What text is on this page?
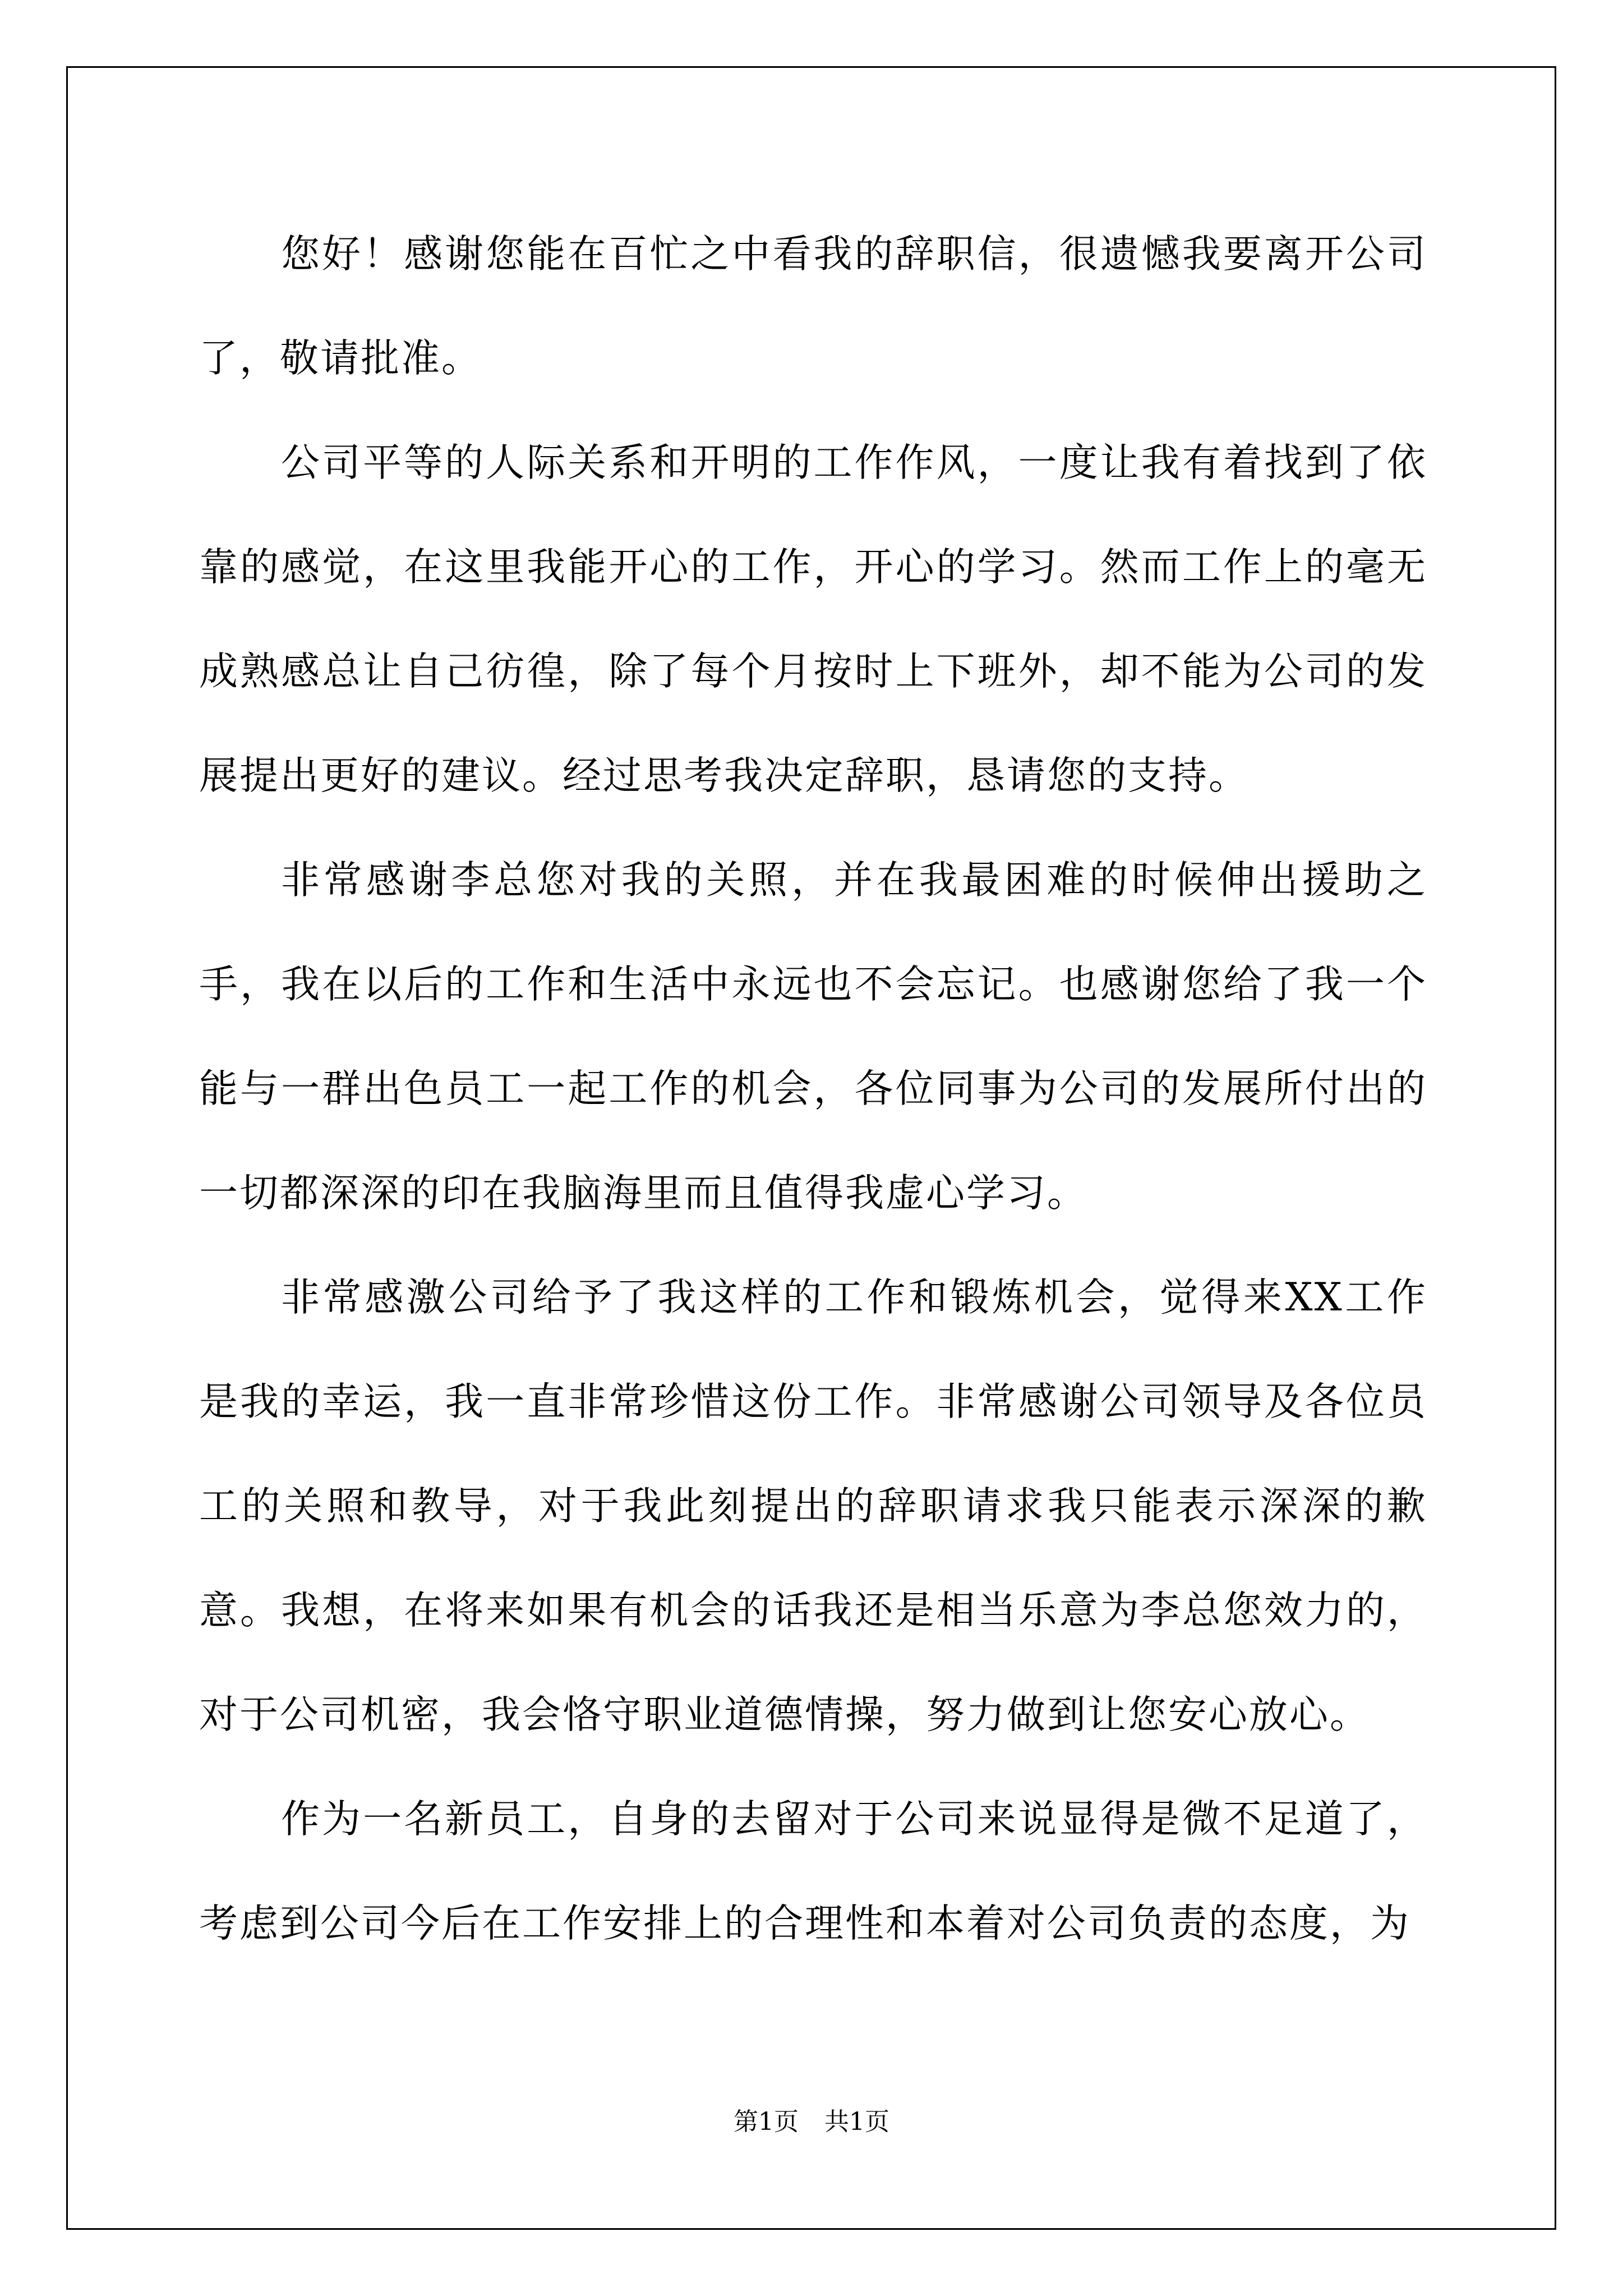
您好！感谢您能在百忙之中看我的辞职信，很遗憾我要离开公司了，敬请批准。

公司平等的人际关系和开明的工作作风，一度让我有着找到了依靠的感觉，在这里我能开心的工作，开心的学习。然而工作上的毫无成熟感总让自己彷徨，除了每个月按时上下班外，却不能为公司的发展提出更好的建议。经过思考我决定辞职，恳请您的支持。

非常感谢李总您对我的关照，并在我最困难的时候伸出援助之手，我在以后的工作和生活中永远也不会忘记。也感谢您给了我一个能与一群出色员工一起工作的机会，各位同事为公司的发展所付出的一切都深深的印在我脑海里而且值得我虚心学习。

非常感激公司给予了我这样的工作和锻炼机会，觉得来XX工作是我的幸运，我一直非常珍惜这份工作。非常感谢公司领导及各位员工的关照和教导，对于我此刻提出的辞职请求我只能表示深深的歉意。我想，在将来如果有机会的话我还是相当乐意为李总您效力的，对于公司机密，我会恪守职业道德情操，努力做到让您安心放心。

作为一名新员工，自身的去留对于公司来说显得是微不足道了，考虑到公司今后在工作安排上的合理性和本着对公司负责的态度，为

第1页 共1页
